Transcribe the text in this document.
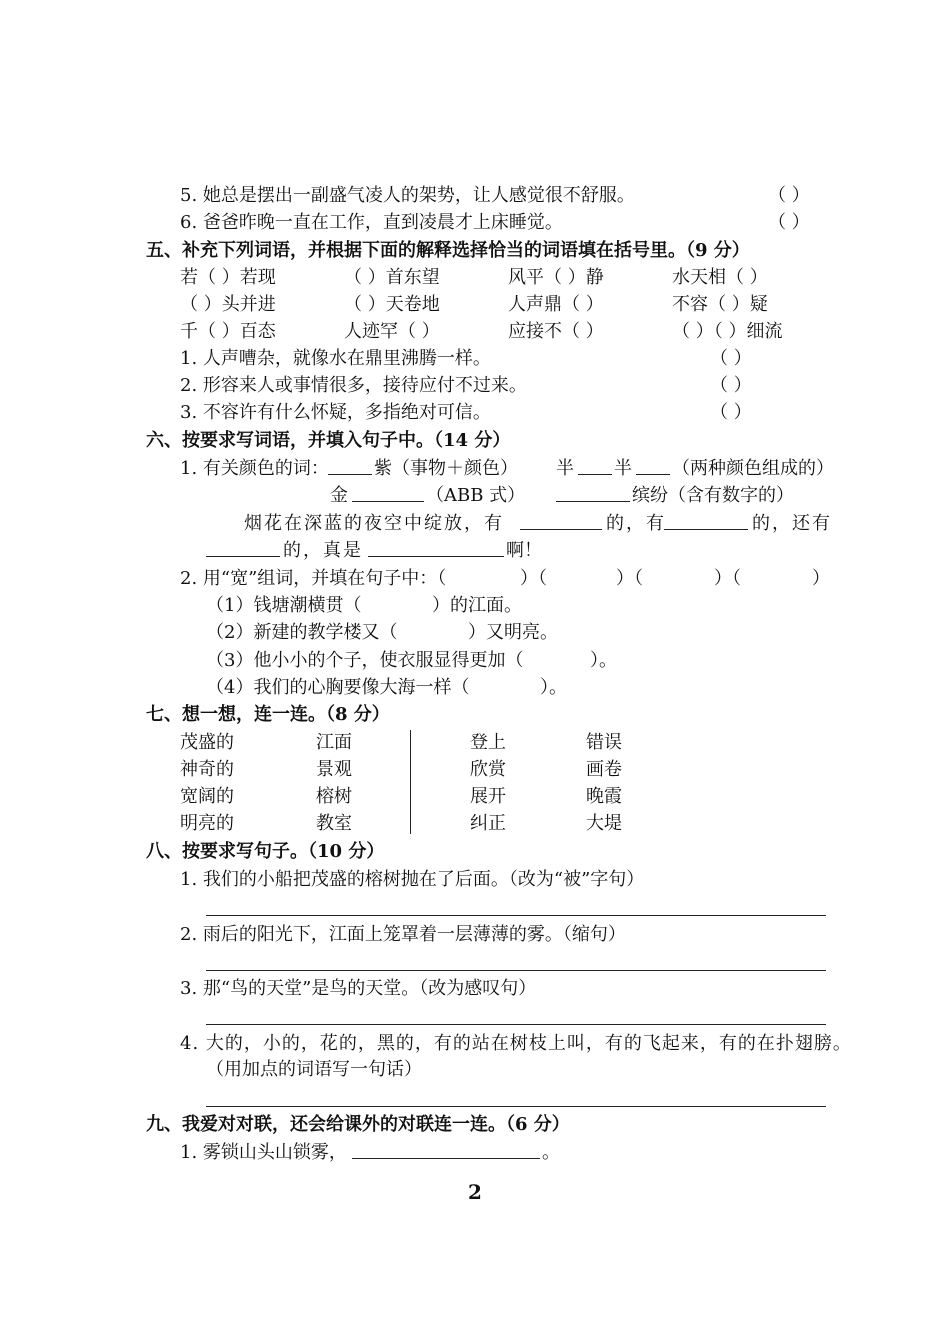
5. 她总是摆出一副盛气凌人的架势，让人感觉很不舒服。	（ ）
6. 爸爸昨晚一直在工作，直到凌晨才上床睡觉。	（ ）
五、补充下列词语，并根据下面的解释选择恰当的词语填在括号里。（9 分）
若（ ）若现	（ ）首东望	风平（ ）静	水天相（ ）
（ ）头并进	（ ）天卷地	人声鼎（ ）	不容（ ）疑
千（ ）百态	人迹罕（ ）	应接不（ ）	（ ）（ ）细流
1. 人声嘈杂，就像水在鼎里沸腾一样。	（ ）
2. 形容来人或事情很多，接待应付不过来。	（ ）
3. 不容许有什么怀疑，多指绝对可信。	（ ）
六、按要求写词语，并填入句子中。（14 分）
1. 有关颜色的词：	紫（事物＋颜色） 半 半 （两种颜色组成的）
金	（ABB 式）	缤纷（含有数字的）
烟花在深蓝的夜空中绽放，有	的，有	的，还有
的，真是	啊！
2. 用“宽”组词，并填在句子中：（	）（	）（	）（	）
（1）钱塘潮横贯（	）的江面。
（2）新建的教学楼又（	）又明亮。
（3）他小小的个子，使衣服显得更加（	）。
（4）我们的心胸要像大海一样（	）。
七、想一想，连一连。（8 分）
茂盛的	江面	登上	错误
神奇的	景观	欣赏	画卷
宽阔的	榕树	展开	晚霞
明亮的	教室	纠正	大堤
八、按要求写句子。（10 分）
1. 我们的小船把茂盛的榕树抛在了后面。（改为“被”字句）
2. 雨后的阳光下，江面上笼罩着一层薄薄的雾。（缩句）
3. 那“鸟的天堂”是鸟的天堂。（改为感叹句）
4. 大的，小的，花的，黑的，有的站在树枝上叫，有的飞起来，有的在扑翅膀。
（用加点的词语写一句话）
九、我爱对对联，还会给课外的对联连一连。（6 分）
1. 雾锁山头山锁雾，	。
2
